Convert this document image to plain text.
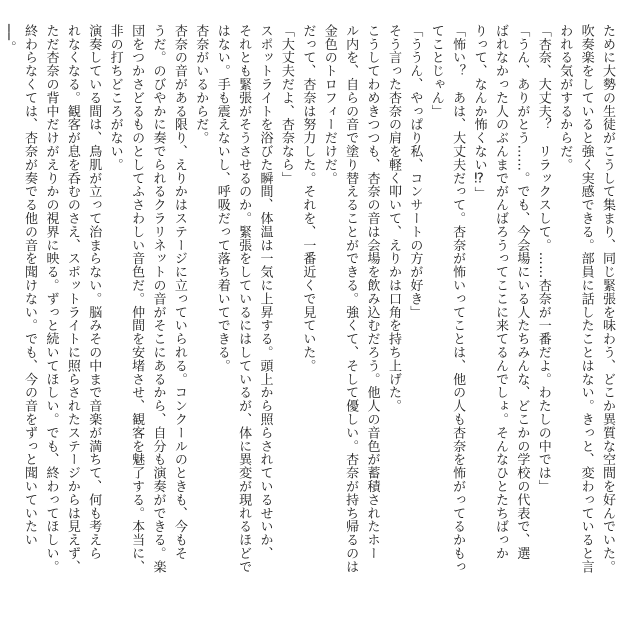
ために大勢の生徒がこうして集まり、同じ緊張を味わう、どこか異質な空間を好んでいた。
吹奏楽をしていると強く実感できる。部員に話したことはない。きっと、変わっていると言
われる気がするからだ。
「杏奈、大丈夫？　リラックスして。……杏奈が一番だよ。わたしの中では」
「うん、ありがとう……。でも、今会場にいる人たちみんな、どこかの学校の代表で、選
ばれなかった人のぶんまでがんばろうってここに来てるんでしょ。そんなひとたちばっか
りって、なんか怖くない⁉」
「怖い？　あは、大丈夫だって。杏奈が怖いってことは、他の人も杏奈を怖がってるかもっ
てことじゃん」
「ううん、やっぱり私、コンサートの方が好き」
そう言った杏奈の肩を軽く叩いて、えりかは口角を持ち上げた。
こうしてわめきつつも、杏奈の音は会場を飲み込むだろう。他人の音色が蓄積されたホー
ル内を、自らの音で塗り替えることができる。強くて、そして優しい。杏奈が持ち帰るのは
金色のトロフィーだけだ。
だって、杏奈は努力した。それを、一番近くで見ていた。
「大丈夫だよ、杏奈なら」
スポットライトを浴びた瞬間、体温は一気に上昇する。頭上から照らされているせいか、
それとも緊張がそうさせるのか。緊張をしているにはしているが、体に異変が現れるほどで
はない。手も震えないし、呼吸だって落ち着いてできる。
杏奈がいるからだ。
杏奈の音がある限り、えりかはステージに立っていられる。コンクールのときも、今もそ
うだ。のびやかに奏でられるクラリネットの音がそこにあるから、自分も演奏ができる。楽
団をつかさどるものとしてふさわしい音色だ。仲間を安堵させ、観客を魅了する。本当に、
非の打ちどころがない。
演奏している間は、鳥肌が立って治まらない。脳みその中まで音楽が満ちて、何も考えら
れなくなる。観客が息を呑むのさえ、スポットライトに照らされたステージからは見えず、
ただ杏奈の背中だけがえりかの視界に映る。ずっと続いてほしい。でも、終わってほしい。
終わらなくては、杏奈が奏でる他の音を聞けない。でも、今の音をずっと聞いていたい
──。
